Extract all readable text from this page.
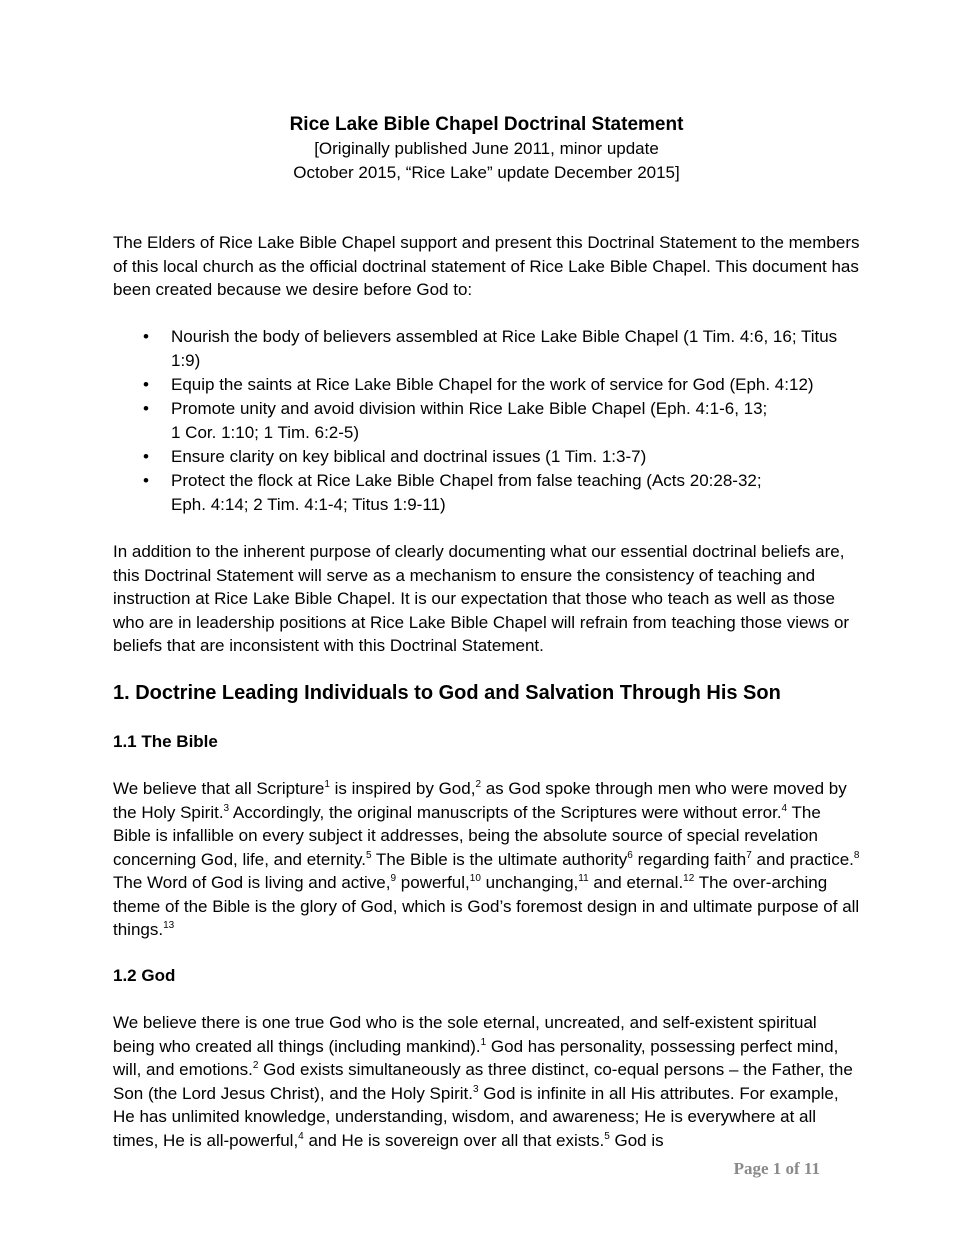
Rice Lake Bible Chapel Doctrinal Statement
[Originally published June 2011, minor update
October 2015, “Rice Lake” update December 2015]
The Elders of Rice Lake Bible Chapel support and present this Doctrinal Statement to the members of this local church as the official doctrinal statement of Rice Lake Bible Chapel. This document has been created because we desire before God to:
•	Nourish the body of believers assembled at Rice Lake Bible Chapel (1 Tim. 4:6, 16; Titus 1:9)
•	Equip the saints at Rice Lake Bible Chapel for the work of service for God (Eph. 4:12)
•	Promote unity and avoid division within Rice Lake Bible Chapel (Eph. 4:1-6, 13;
1 Cor. 1:10; 1 Tim. 6:2-5)
•	Ensure clarity on key biblical and doctrinal issues (1 Tim. 1:3-7)
•	Protect the flock at Rice Lake Bible Chapel from false teaching (Acts 20:28-32;
Eph. 4:14; 2 Tim. 4:1-4; Titus 1:9-11)
In addition to the inherent purpose of clearly documenting what our essential doctrinal beliefs are, this Doctrinal Statement will serve as a mechanism to ensure the consistency of teaching and instruction at Rice Lake Bible Chapel. It is our expectation that those who teach as well as those who are in leadership positions at Rice Lake Bible Chapel will refrain from teaching those views or beliefs that are inconsistent with this Doctrinal Statement.
1. Doctrine Leading Individuals to God and Salvation Through His Son
1.1 The Bible
We believe that all Scripture$^1$ is inspired by God,$^2$ as God spoke through men who were moved by the Holy Spirit.$^3$ Accordingly, the original manuscripts of the Scriptures were without error.$^4$ The Bible is infallible on every subject it addresses, being the absolute source of special revelation concerning God, life, and eternity.$^5$ The Bible is the ultimate authority$^6$ regarding faith$^7$ and practice.$^8$ The Word of God is living and active,$^9$ powerful,$^{10}$ unchanging,$^{11}$ and eternal.$^{12}$ The over-arching theme of the Bible is the glory of God, which is God’s foremost design in and ultimate purpose of all things.$^{13}$
1.2 God
We believe there is one true God who is the sole eternal, uncreated, and self-existent spiritual being who created all things (including mankind).$^1$ God has personality, possessing perfect mind, will, and emotions.$^2$ God exists simultaneously as three distinct, co-equal persons – the Father, the Son (the Lord Jesus Christ), and the Holy Spirit.$^3$ God is infinite in all His attributes. For example, He has unlimited knowledge, understanding, wisdom, and awareness; He is everywhere at all times, He is all-powerful,$^4$ and He is sovereign over all that exists.$^5$ God is
Page 1 of 11
